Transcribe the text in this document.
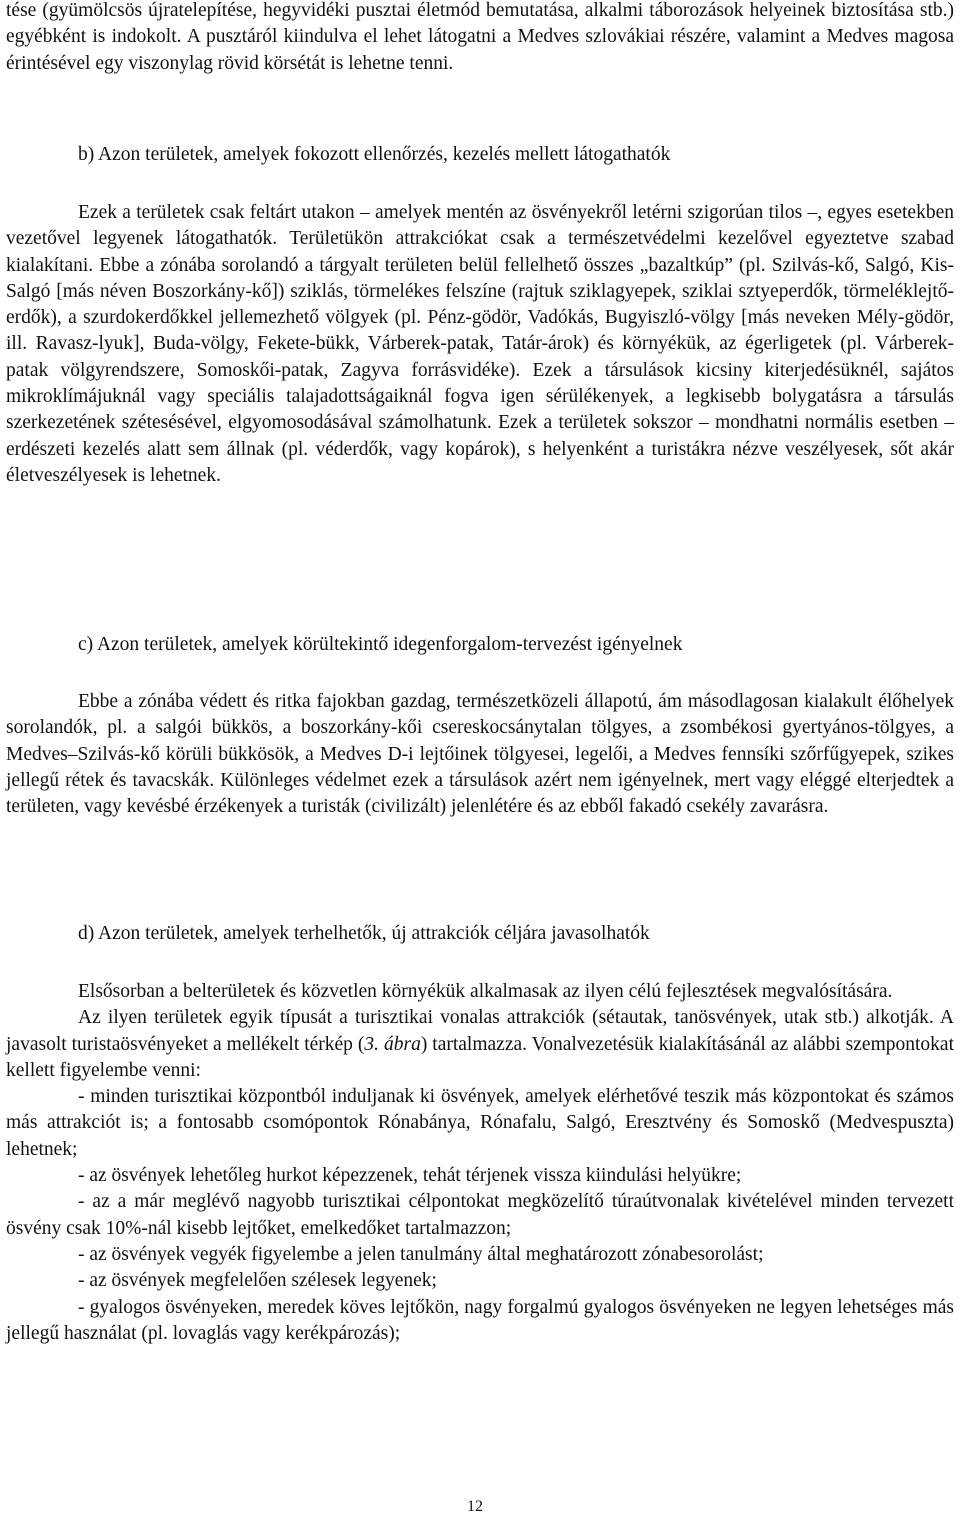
tése (gyümölcsös újratelepítése, hegyvidéki pusztai életmód bemutatása, alkalmi táborozások helyeinek biztosítása stb.) egyébként is indokolt. A pusztáról kiindulva el lehet látogatni a Medves szlovákiai részére, valamint a Medves magosa érintésével egy viszonylag rövid körsétát is lehetne tenni.

b) Azon területek, amelyek fokozott ellenőrzés, kezelés mellett látogathatók

Ezek a területek csak feltárt utakon – amelyek mentén az ösvényekről letérni szigorúan tilos –, egyes esetekben vezetővel legyenek látogathatók. Területükön attrakciókat csak a természetvédelmi kezelővel egyeztetve szabad kialakítani. Ebbe a zónába sorolandó a tárgyalt területen belül fellelhető összes „bazaltkúp” (pl. Szilvás-kő, Salgó, Kis-Salgó [más néven Boszorkány-kő]) sziklás, törmelékes felszíne (rajtuk sziklagyepek, sziklai sztyeperdők, törmeléklejtő-erdők), a szurdokerdőkkel jellemezhető völgyek (pl. Pénz-gödör, Vadókás, Bugyiszló-völgy [más neveken Mély-gödör, ill. Ravasz-lyuk], Buda-völgy, Fekete-bükk, Várberek-patak, Tatár-árok) és környékük, az égerligetek (pl. Várberek-patak völgyrendszere, Somoskői-patak, Zagyva forrásvidéke). Ezek a társulások kicsiny kiterjedésüknél, sajátos mikroklímájuknál vagy speciális talajadottságaiknál fogva igen sérülékenyek, a legkisebb bolygatásra a társulás szerkezetének szétesésével, elgyomosodásával számolhatunk. Ezek a területek sokszor – mondhatni normális esetben – erdészeti kezelés alatt sem állnak (pl. véderdők, vagy kopárok), s helyenként a turistákra nézve veszélyesek, sőt akár életveszélyesek is lehetnek.

c) Azon területek, amelyek körültekintő idegenforgalom-tervezést igényelnek

Ebbe a zónába védett és ritka fajokban gazdag, természetközeli állapotú, ám másodlagosan kialakult élőhelyek sorolandók, pl. a salgói bükkös, a boszorkány-kői csereskocsánytalan tölgyes, a zsombékosi gyertyános-tölgyes, a Medves–Szilvás-kő körüli bükkösök, a Medves D-i lejtőinek tölgyesei, legelői, a Medves fennsíki szőrfűgyepek, szikes jellegű rétek és tavacskák. Különleges védelmet ezek a társulások azért nem igényelnek, mert vagy eléggé elterjedtek a területen, vagy kevésbé érzékenyek a turisták (civilizált) jelenlétére és az ebből fakadó csekély zavarásra.

d) Azon területek, amelyek terhelhetők, új attrakciók céljára javasolhatók

Elsősorban a belterületek és közvetlen környékük alkalmasak az ilyen célú fejlesztések megvalósítására.

Az ilyen területek egyik típusát a turisztikai vonalas attrakciók (sétautak, tanösvények, utak stb.) alkotják. A javasolt turistaösvényeket a mellékelt térkép (3. ábra) tartalmazza. Vonalvezetésük kialakításánál az alábbi szempontokat kellett figyelembe venni:

- minden turisztikai központból induljanak ki ösvények, amelyek elérhetővé teszik más központokat és számos más attrakciót is; a fontosabb csomópontok Rónabánya, Rónafalu, Salgó, Eresztvény és Somoskő (Medvespuszta) lehetnek;

- az ösvények lehetőleg hurkot képezzenek, tehát térjenek vissza kiindulási helyükre;

- az a már meglévő nagyobb turisztikai célpontokat megközelítő túraútvonalak kivételével minden tervezett ösvény csak 10%-nál kisebb lejtőket, emelkedőket tartalmazzon;

- az ösvények vegyék figyelembe a jelen tanulmány által meghatározott zónabesorolást;

- az ösvények megfelelően szélesek legyenek;

- gyalogos ösvényeken, meredek köves lejtőkön, nagy forgalmú gyalogos ösvényeken ne legyen lehetséges más jellegű használat (pl. lovaglás vagy kerékpározás);

12
